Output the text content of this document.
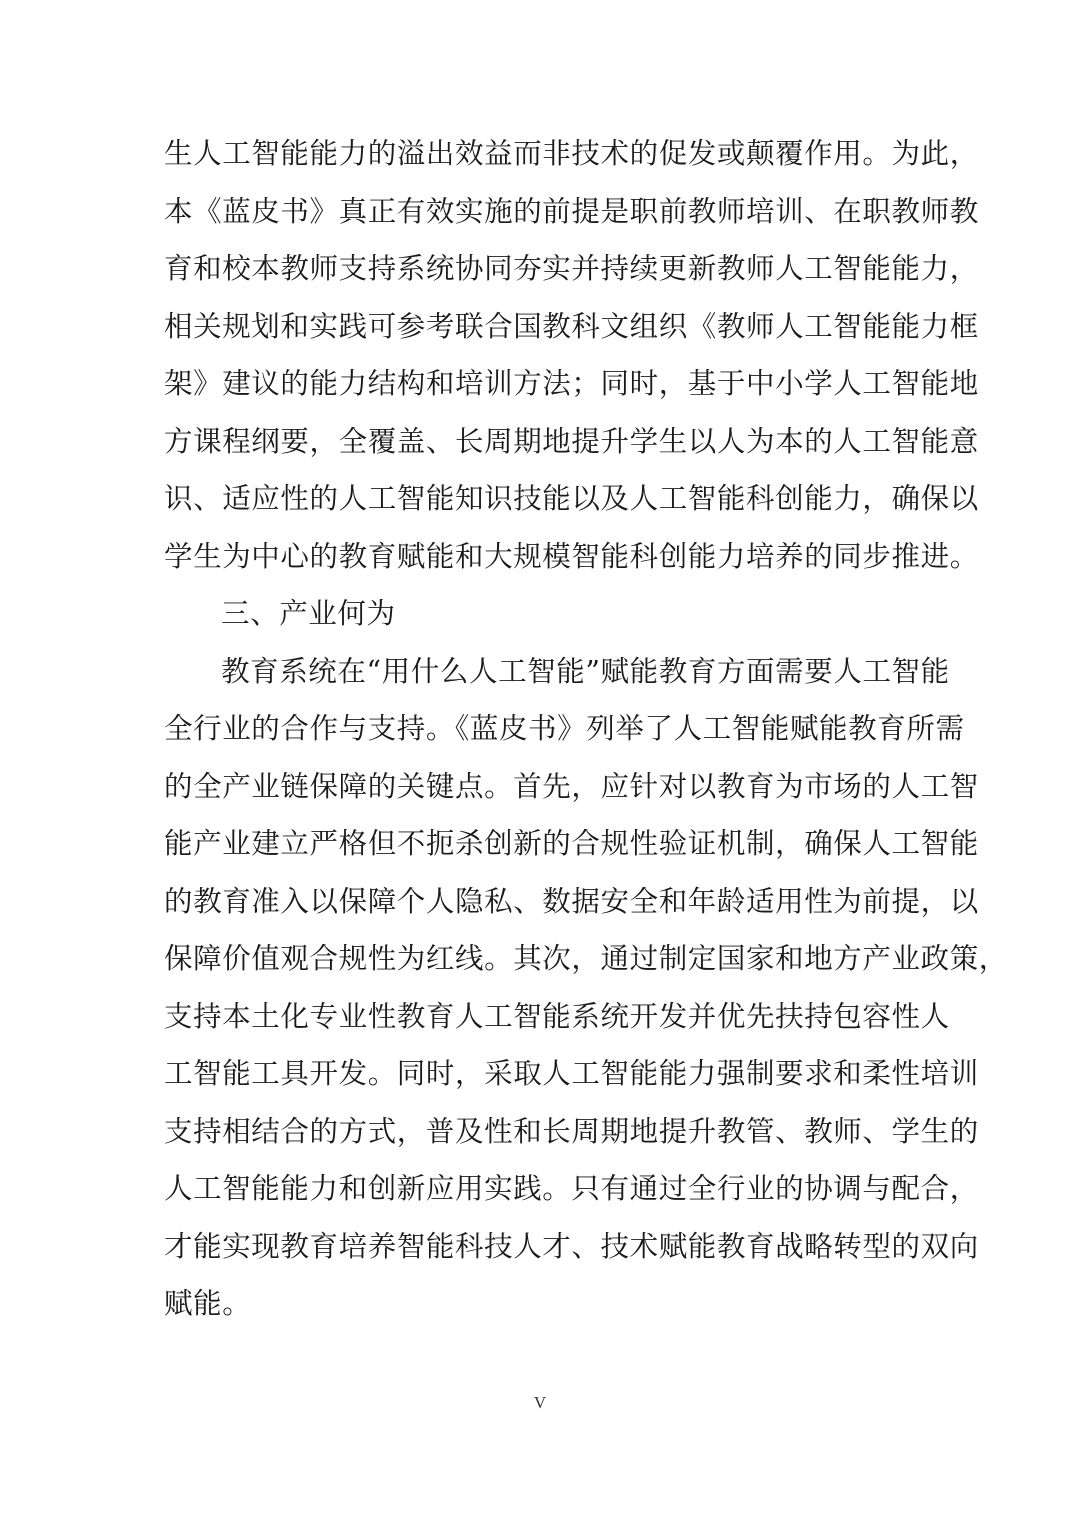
生人工智能能力的溢出效益而非技术的促发或颠覆作用。为此，
本《蓝皮书》真正有效实施的前提是职前教师培训、在职教师教
育和校本教师支持系统协同夯实并持续更新教师人工智能能力，
相关规划和实践可参考联合国教科文组织《教师人工智能能力框
架》建议的能力结构和培训方法；同时，基于中小学人工智能地
方课程纲要，全覆盖、长周期地提升学生以人为本的人工智能意
识、适应性的人工智能知识技能以及人工智能科创能力，确保以
学生为中心的教育赋能和大规模智能科创能力培养的同步推进。
三、产业何为
教育系统在“用什么人工智能”赋能教育方面需要人工智能
全行业的合作与支持。《蓝皮书》列举了人工智能赋能教育所需
的全产业链保障的关键点。首先，应针对以教育为市场的人工智
能产业建立严格但不扼杀创新的合规性验证机制，确保人工智能
的教育准入以保障个人隐私、数据安全和年龄适用性为前提，以
保障价值观合规性为红线。其次，通过制定国家和地方产业政策，
支持本土化专业性教育人工智能系统开发并优先扶持包容性人
工智能工具开发。同时，采取人工智能能力强制要求和柔性培训
支持相结合的方式，普及性和长周期地提升教管、教师、学生的
人工智能能力和创新应用实践。只有通过全行业的协调与配合，
才能实现教育培养智能科技人才、技术赋能教育战略转型的双向
赋能。
V
